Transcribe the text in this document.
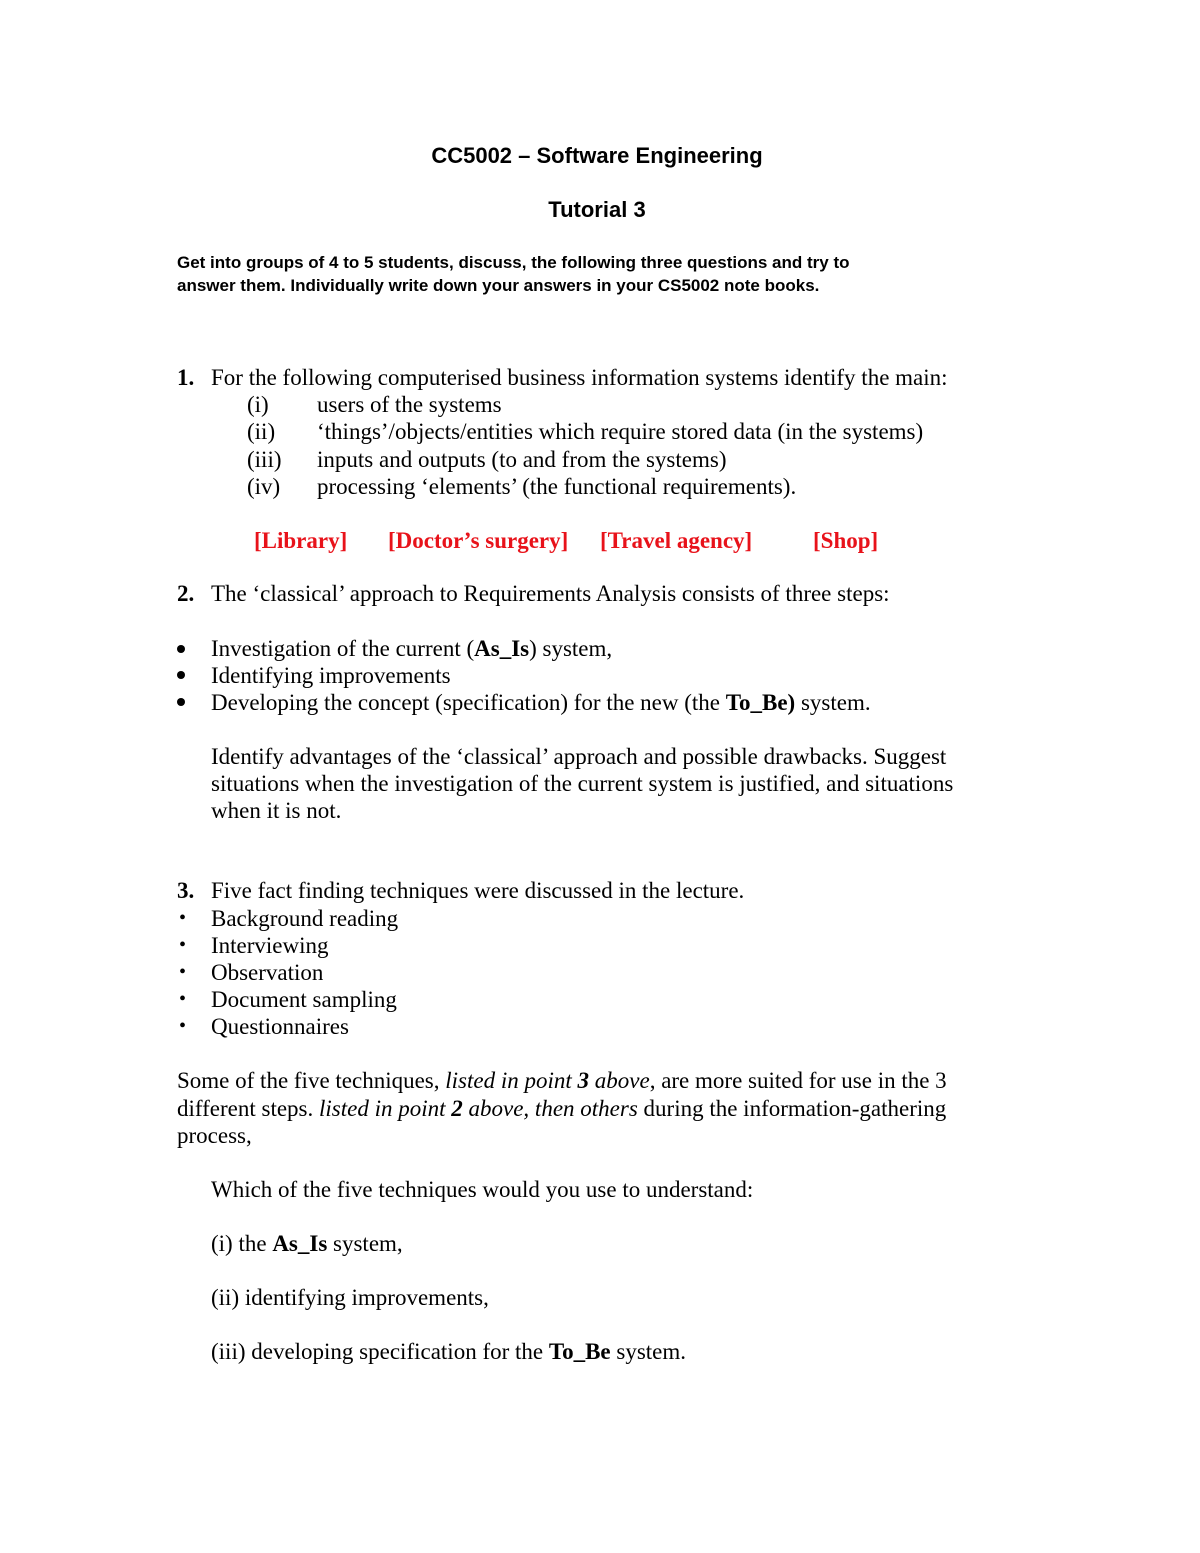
CC5002 – Software Engineering
Tutorial 3
Get into groups of 4 to 5 students, discuss, the following three questions and try to
answer them. Individually write down your answers in your CS5002 note books.
1. For the following computerised business information systems identify the main:
(i) users of the systems
(ii) ‘things’/objects/entities which require stored data (in the systems)
(iii) inputs and outputs (to and from the systems)
(iv) processing ‘elements’ (the functional requirements).
[Library] [Doctor’s surgery] [Travel agency]	[Shop]
2. The ‘classical’ approach to Requirements Analysis consists of three steps:
Investigation of the current (As_Is) system,
Identifying improvements
Developing the concept (specification) for the new (the To_Be) system.
Identify advantages of the ‘classical’ approach and possible drawbacks. Suggest
situations when the investigation of the current system is justified, and situations
when it is not.
3. Five fact finding techniques were discussed in the lecture.
• Background reading
• Interviewing
• Observation
• Document sampling
• Questionnaires
Some of the five techniques, listed in point 3 above, are more suited for use in the 3
different steps. listed in point 2 above, then others during the information-gathering
process,
Which of the five techniques would you use to understand:
(i) the As_Is system,
(ii) identifying improvements,
(iii) developing specification for the To_Be system.
